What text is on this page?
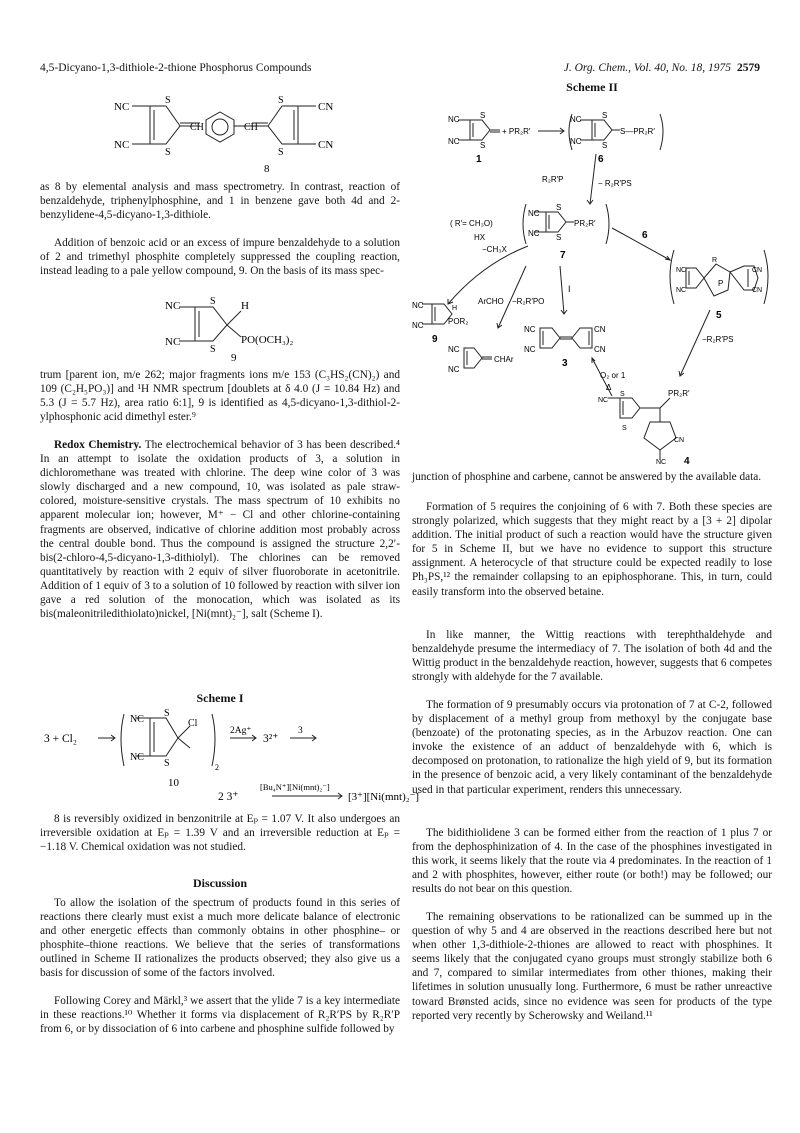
4,5-Dicyano-1,3-dithiole-2-thione Phosphorus Compounds	J. Org. Chem., Vol. 40, No. 18, 1975 2579
NC
NC
S
S
CH	CH
S
S
CN
CN
8

as 8 by elemental analysis and mass spectrometry. In contrast, reaction of benzaldehyde, triphenylphosphine, and 1 in benzene gave both 4d and 2-benzylidene-4,5-dicyano-1,3-dithiole.

Addition of benzoic acid or an excess of impure benzaldehyde to a solution of 2 and trimethyl phosphite completely suppressed the coupling reaction, instead leading to a pale yellow compound, 9. On the basis of its mass spec-

NC
NC
S
S
H
PO(OCH₃)₂
9

trum [parent ion, m/e 262; major fragments ions m/e 153 (C₃HS₂(CN)₂) and 109 (C₂H₅PO₃)] and ¹H NMR spectrum [doublets at δ 4.0 (J = 10.84 Hz) and 5.3 (J = 5.7 Hz), area ratio 6:1], 9 is identified as 4,5-dicyano-1,3-dithiol-2-ylphosphonic acid dimethyl ester.⁹

Redox Chemistry. The electrochemical behavior of 3 has been described.⁴ In an attempt to isolate the oxidation products of 3, a solution in dichloromethane was treated with chlorine. The deep wine color of 3 was slowly discharged and a new compound, 10, was isolated as pale straw-colored, moisture-sensitive crystals. The mass spectrum of 10 exhibits no apparent molecular ion; however, M⁺ − Cl and other chlorine-containing fragments are observed, indicative of chlorine addition most probably across the central double bond. Thus the compound is assigned the structure 2,2′-bis(2-chloro-4,5-dicyano-1,3-dithiolyl). The chlorines can be removed quantitatively by reaction with 2 equiv of silver fluoroborate in acetonitrile. Addition of 1 equiv of 3 to a solution of 10 followed by reaction with silver ion gave a red solution of the monocation, which was isolated as its bis(maleonitriledithiolato)nickel, [Ni(mnt)₂⁻], salt (Scheme I).

Scheme I
3 + Cl₂
NC
NC
S
S
Cl
2
10
2Ag⁺
3²⁺
3
2 3⁺
[Bu₄N⁺][Ni(mnt)₂⁻]
[3⁺][Ni(mnt)₂⁻]

8 is reversibly oxidized in benzonitrile at Eₚ = 1.07 V. It also undergoes an irreversible oxidation at Eₚ = 1.39 V and an irreversible reduction at Eₚ = −1.18 V. Chemical oxidation was not studied.

Discussion

To allow the isolation of the spectrum of products found in this series of reactions there clearly must exist a much more delicate balance of electronic and other energetic effects than commonly obtains in other phosphine– or phosphite–thione reactions. We believe that the series of transformations outlined in Scheme II rationalizes the products observed; they also give us a basis for discussion of some of the factors involved.

Following Corey and Märkl,³ we assert that the ylide 7 is a key intermediate in these reactions.¹⁰ Whether it forms via displacement of R₂R′PS by R₂R′P from 6, or by dissociation of 6 into carbene and phosphine sulfide followed by

Scheme II
NC
NC
S
S
+ PR₂R′
1
NC
NC
S
S
S—PR₂R′
6
R₂R′P	− R₂R′PS
( R′= CH₃O)
HX
−CH₃X
NC
NC
S
S
PR₂R′
7
6
NC
NC
H
POR₂
9
ArCHO −R₂R′PO
I
NC
NC
CHAr
NC
NC
CN
CN
3
NC
NC
R
P
CN
CN
5
−R₂R′PS
O₂ or 1
Δ
NC
S
S
PR₂R′
CN
NC 4

junction of phosphine and carbene, cannot be answered by the available data.

Formation of 5 requires the conjoining of 6 with 7. Both these species are strongly polarized, which suggests that they might react by a [3 + 2] dipolar addition. The initial product of such a reaction would have the structure given for 5 in Scheme II, but we have no evidence to support this structure assignment. A heterocycle of that structure could be expected readily to lose Ph₃PS,¹² the remainder collapsing to an epiphosphorane. This, in turn, could easily transform into the observed betaine.

In like manner, the Wittig reactions with terephthaldehyde and benzaldehyde presume the intermediacy of 7. The isolation of both 4d and the Wittig product in the benzaldehyde reaction, however, suggests that 6 competes strongly with aldehyde for the 7 available.

The formation of 9 presumably occurs via protonation of 7 at C-2, followed by displacement of a methyl group from methoxyl by the conjugate base (benzoate) of the protonating species, as in the Arbuzov reaction. One can invoke the existence of an adduct of benzaldehyde with 6, which is decomposed on protonation, to rationalize the high yield of 9, but its formation in the presence of benzoic acid, a very likely contaminant of the benzaldehyde used in that particular experiment, renders this unnecessary.

The bidithiolidene 3 can be formed either from the reaction of 1 plus 7 or from the dephosphinization of 4. In the case of the phosphines investigated in this work, it seems likely that the route via 4 predominates. In the reaction of 1 and 2 with phosphites, however, either route (or both!) may be followed; our results do not bear on this question.

The remaining observations to be rationalized can be summed up in the question of why 5 and 4 are observed in the reactions described here but not when other 1,3-dithiole-2-thiones are allowed to react with phosphines. It seems likely that the conjugated cyano groups must strongly stabilize both 6 and 7, compared to similar intermediates from other thiones, making their lifetimes in solution unusually long. Furthermore, 6 must be rather unreactive toward Brønsted acids, since no evidence was seen for products of the type reported very recently by Scherowsky and Weiland.¹¹
